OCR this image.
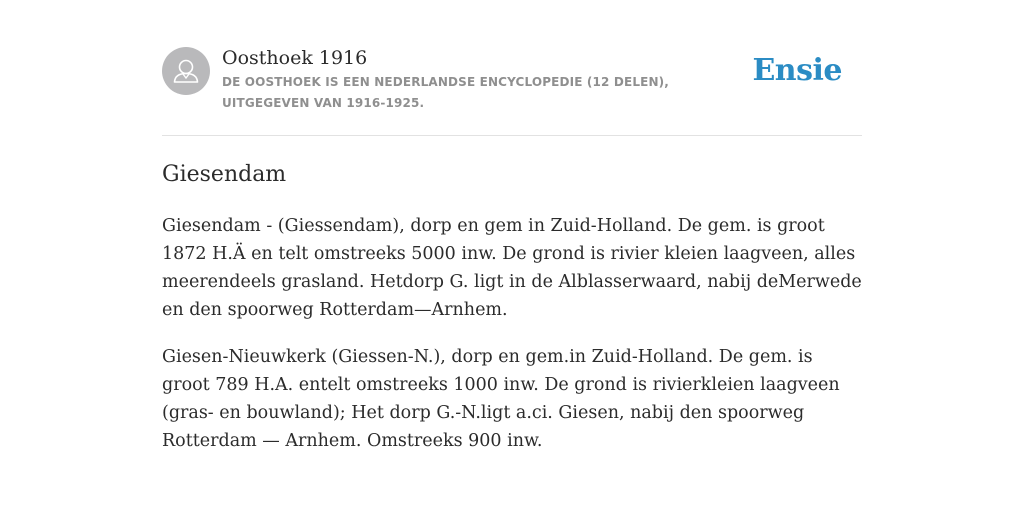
Oosthoek 1916
DE OOSTHOEK IS EEN NEDERLANDSE ENCYCLOPEDIE (12 DELEN), UITGEGEVEN VAN 1916-1925.
Ensie
Giesendam

Giesendam - (Giessendam), dorp en gem in Zuid-Holland. De gem. is groot 1872 H.Ä en telt omstreeks 5000 inw. De grond is rivier kleien laagveen, alles meerendeels grasland. Hetdorp G. ligt in de Alblasserwaard, nabij deMerwede en den spoorweg Rotterdam—Arnhem.

Giesen-Nieuwkerk (Giessen-N.), dorp en gem.in Zuid-Holland. De gem. is groot 789 H.A. entelt omstreeks 1000 inw. De grond is rivierkleien laagveen (gras- en bouwland); Het dorp G.-N.ligt a.ci. Giesen, nabij den spoorweg Rotterdam — Arnhem. Omstreeks 900 inw.
